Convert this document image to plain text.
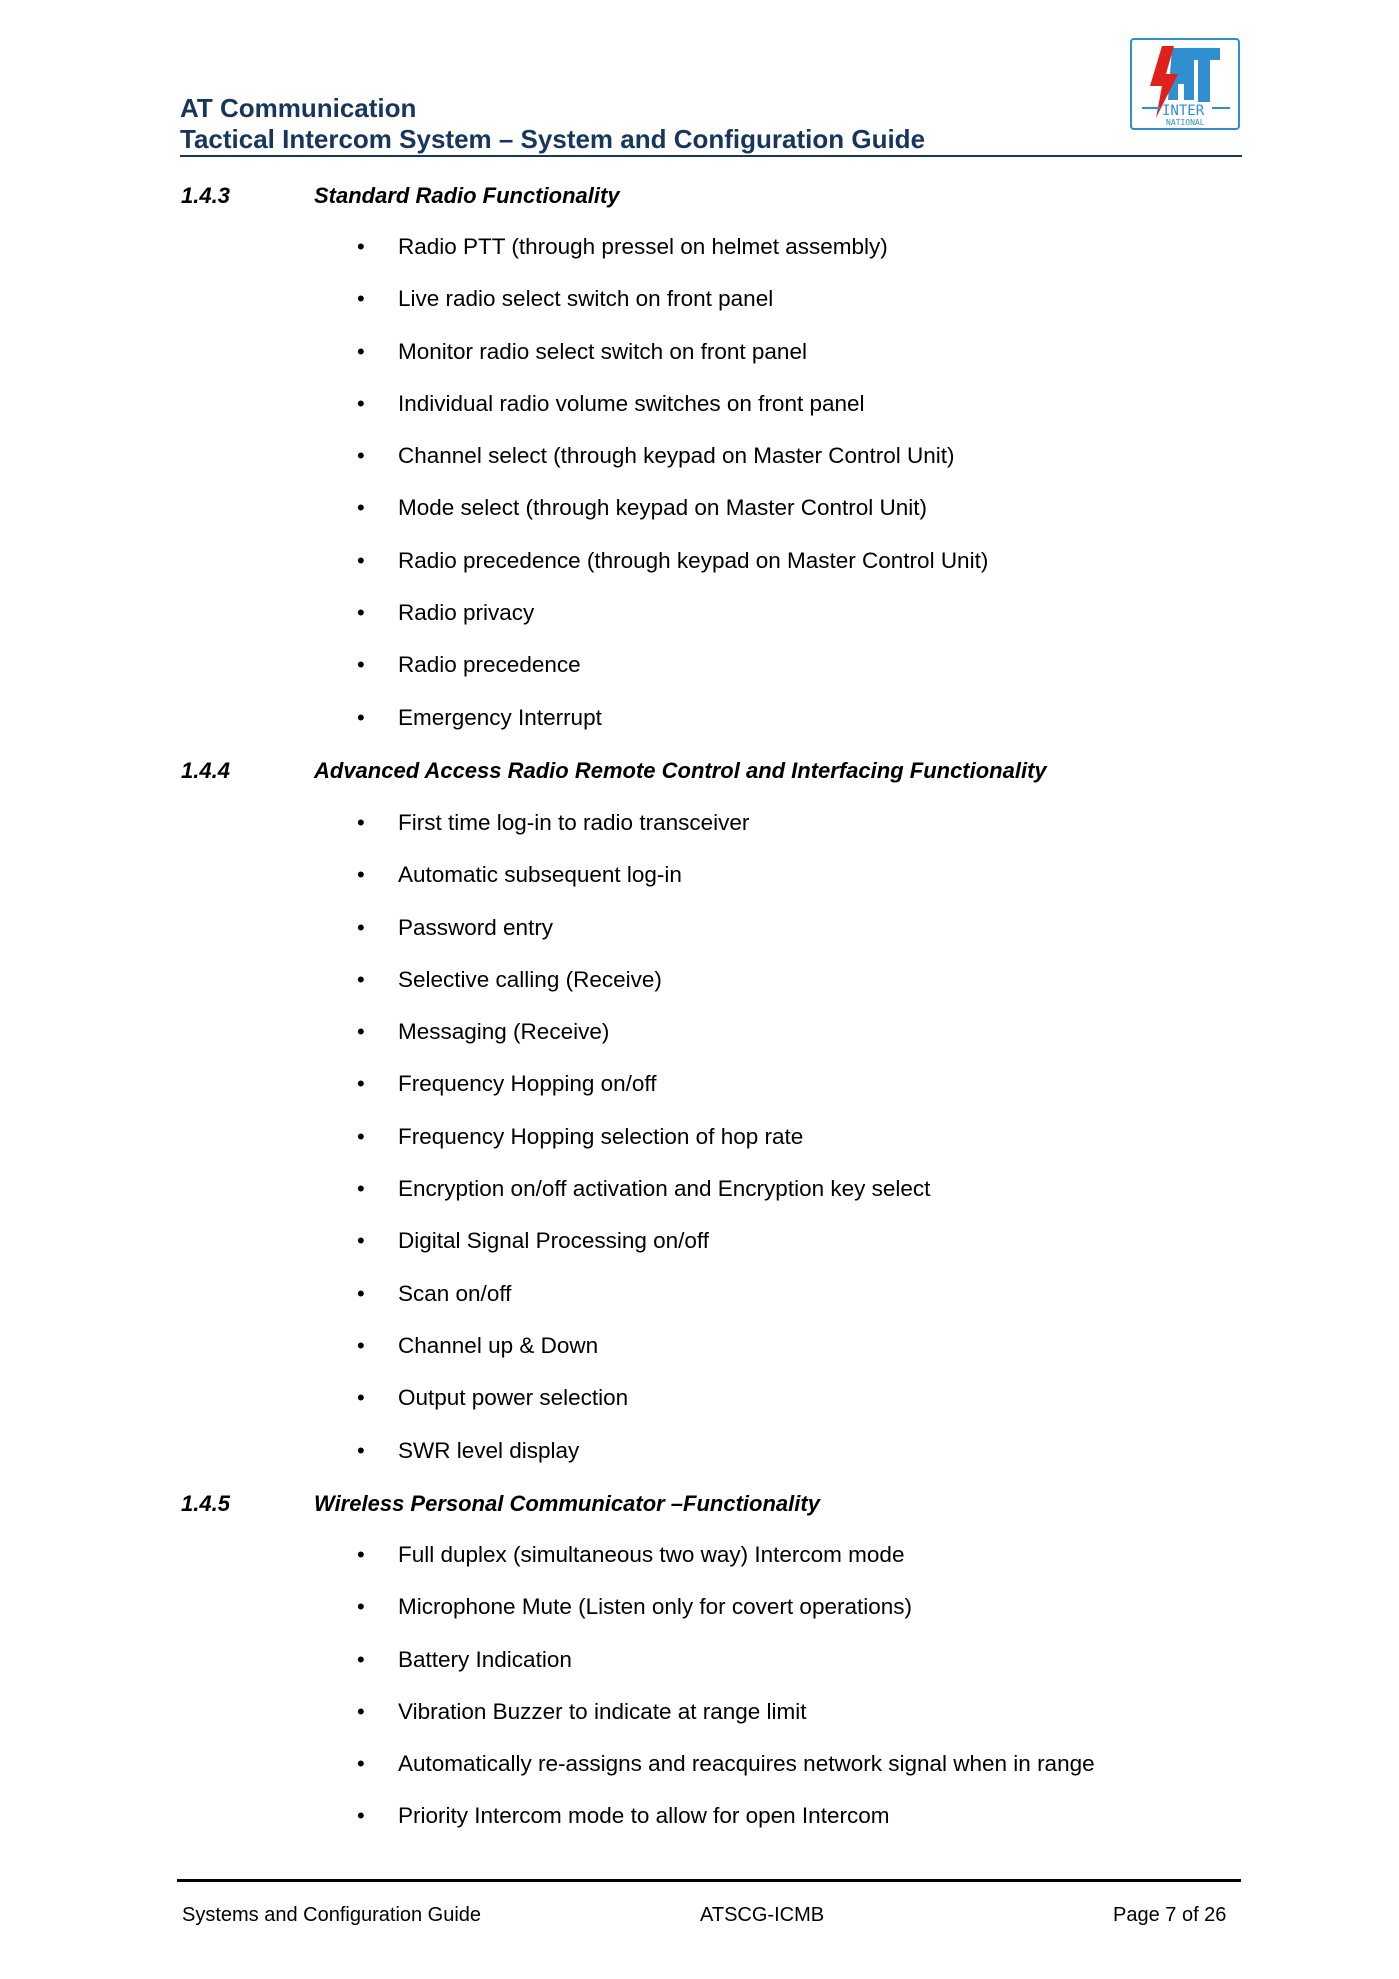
AT Communication
Tactical Intercom System – System and Configuration Guide
INTER
NATIONAL
1.4.3	Standard Radio Functionality
• Radio PTT (through pressel on helmet assembly)
• Live radio select switch on front panel
• Monitor radio select switch on front panel
• Individual radio volume switches on front panel
• Channel select (through keypad on Master Control Unit)
• Mode select (through keypad on Master Control Unit)
• Radio precedence (through keypad on Master Control Unit)
• Radio privacy
• Radio precedence
• Emergency Interrupt
1.4.4	Advanced Access Radio Remote Control and Interfacing Functionality
• First time log-in to radio transceiver
• Automatic subsequent log-in
• Password entry
• Selective calling (Receive)
• Messaging (Receive)
• Frequency Hopping on/off
• Frequency Hopping selection of hop rate
• Encryption on/off activation and Encryption key select
• Digital Signal Processing on/off
• Scan on/off
• Channel up & Down
• Output power selection
• SWR level display
1.4.5	Wireless Personal Communicator –Functionality
• Full duplex (simultaneous two way) Intercom mode
• Microphone Mute (Listen only for covert operations)
• Battery Indication
• Vibration Buzzer to indicate at range limit
• Automatically re-assigns and reacquires network signal when in range
• Priority Intercom mode to allow for open Intercom
Systems and Configuration Guide	ATSCG-ICMB	Page 7 of 26
